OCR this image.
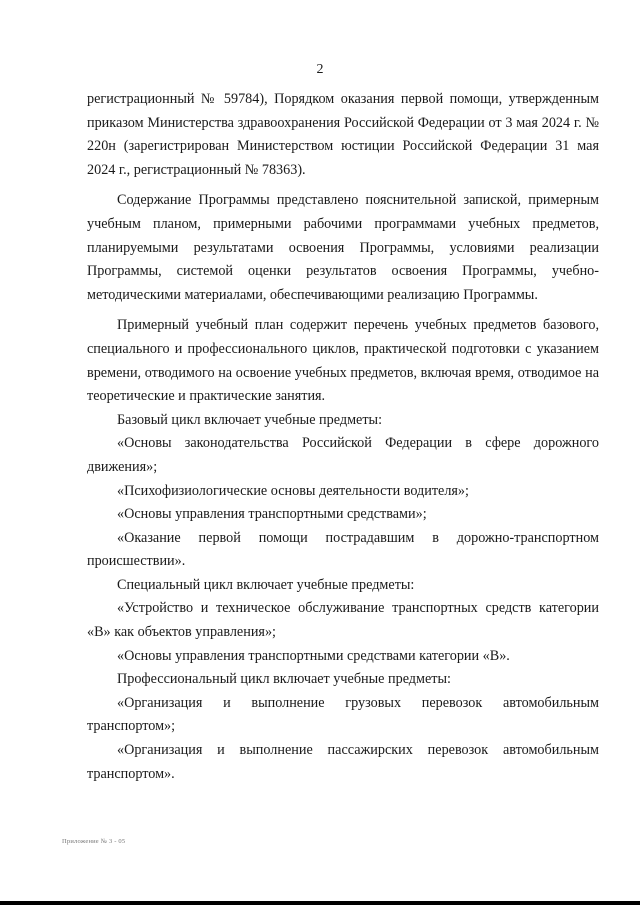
2

регистрационный № 59784), Порядком оказания первой помощи, утвержденным приказом Министерства здравоохранения Российской Федерации от 3 мая 2024 г. № 220н (зарегистрирован Министерством юстиции Российской Федерации 31 мая 2024 г., регистрационный № 78363).

Содержание Программы представлено пояснительной запиской, примерным учебным планом, примерными рабочими программами учебных предметов, планируемыми результатами освоения Программы, условиями реализации Программы, системой оценки результатов освоения Программы, учебно-методическими материалами, обеспечивающими реализацию Программы.

Примерный учебный план содержит перечень учебных предметов базового, специального и профессионального циклов, практической подготовки с указанием времени, отводимого на освоение учебных предметов, включая время, отводимое на теоретические и практические занятия.

Базовый цикл включает учебные предметы:

«Основы законодательства Российской Федерации в сфере дорожного движения»;

«Психофизиологические основы деятельности водителя»;

«Основы управления транспортными средствами»;

«Оказание первой помощи пострадавшим в дорожно-транспортном происшествии».

Специальный цикл включает учебные предметы:

«Устройство и техническое обслуживание транспортных средств категории «В» как объектов управления»;

«Основы управления транспортными средствами категории «В».

Профессиональный цикл включает учебные предметы:

«Организация и выполнение грузовых перевозок автомобильным транспортом»;

«Организация и выполнение пассажирских перевозок автомобильным транспортом».

Приложение № 3 - 05
